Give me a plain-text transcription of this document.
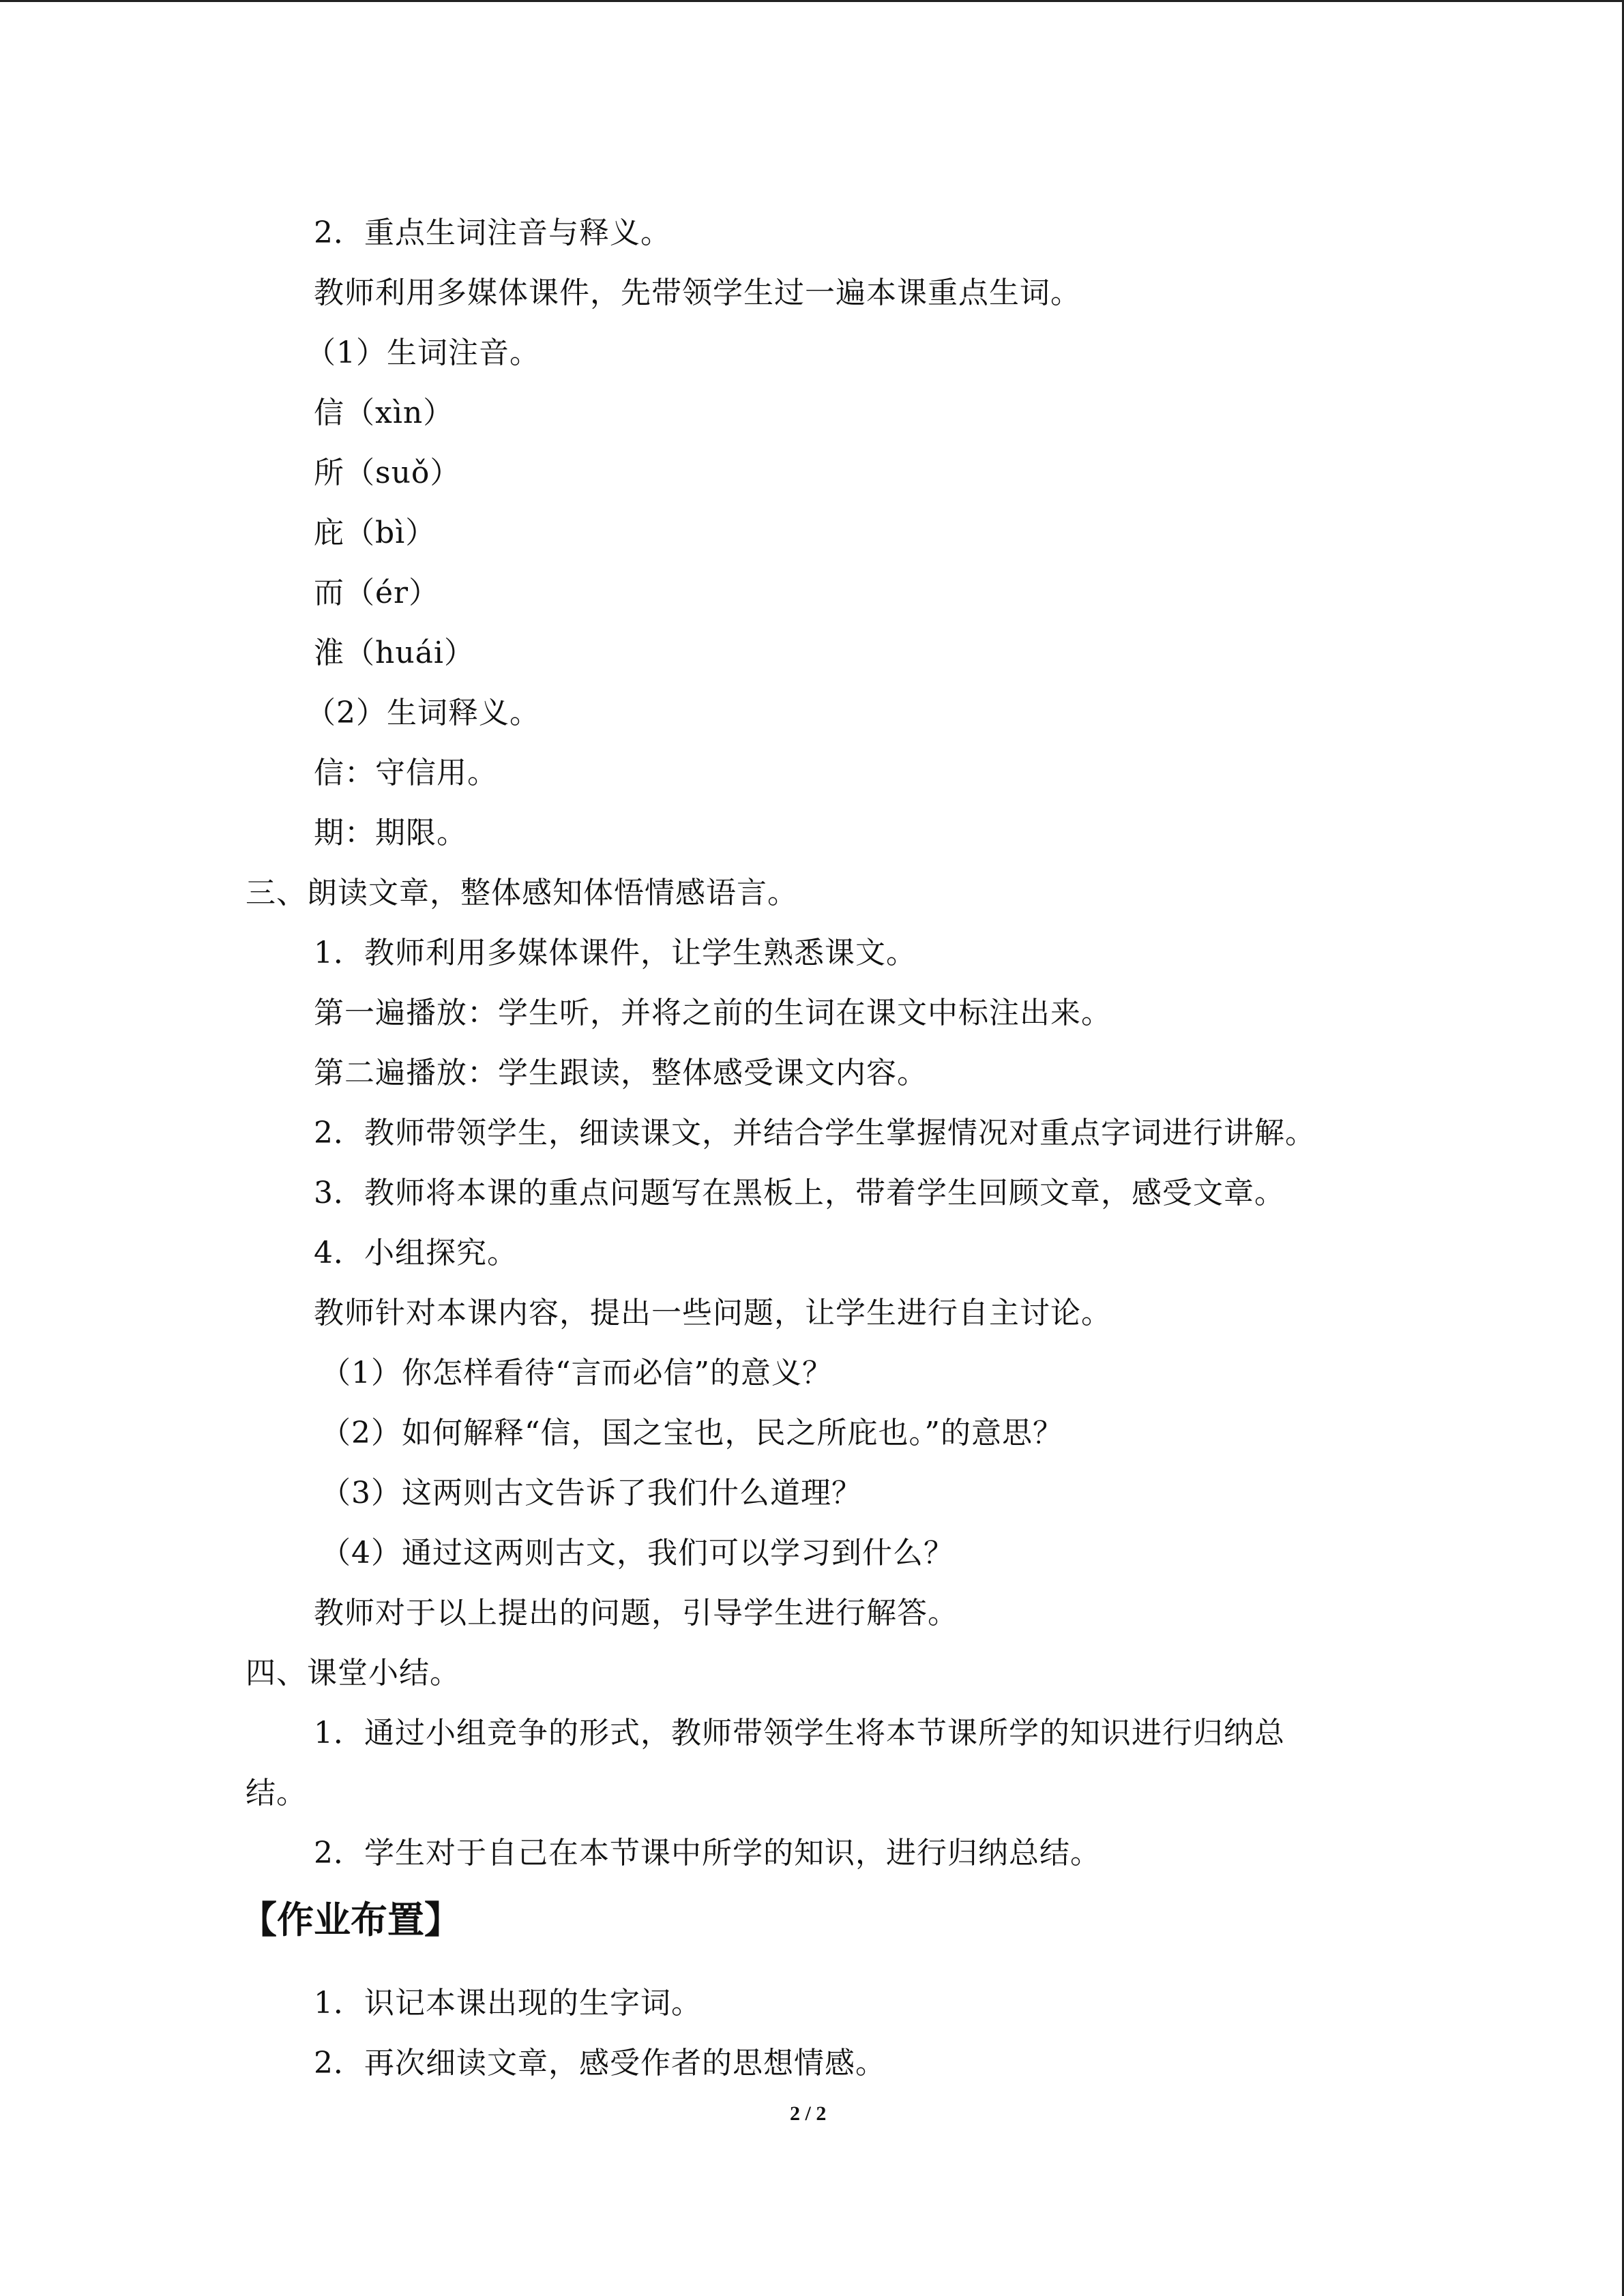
2．重点生词注音与释义。
教师利用多媒体课件，先带领学生过一遍本课重点生词。
（1）生词注音。
信（xìn）
所（suǒ）
庇（bì）
而（ér）
淮（huái）
（2）生词释义。
信：守信用。
期：期限。
三、朗读文章，整体感知体悟情感语言。
1．教师利用多媒体课件，让学生熟悉课文。
第一遍播放：学生听，并将之前的生词在课文中标注出来。
第二遍播放：学生跟读，整体感受课文内容。
2．教师带领学生，细读课文，并结合学生掌握情况对重点字词进行讲解。
3．教师将本课的重点问题写在黑板上，带着学生回顾文章，感受文章。
4．小组探究。
教师针对本课内容，提出一些问题，让学生进行自主讨论。
（1）你怎样看待“言而必信”的意义？
（2）如何解释“信，国之宝也，民之所庇也。”的意思？
（3）这两则古文告诉了我们什么道理？
（4）通过这两则古文，我们可以学习到什么？
教师对于以上提出的问题，引导学生进行解答。
四、课堂小结。
1．通过小组竞争的形式，教师带领学生将本节课所学的知识进行归纳总
结。
2．学生对于自己在本节课中所学的知识，进行归纳总结。
【作业布置】
1．识记本课出现的生字词。
2．再次细读文章，感受作者的思想情感。
2 / 2
